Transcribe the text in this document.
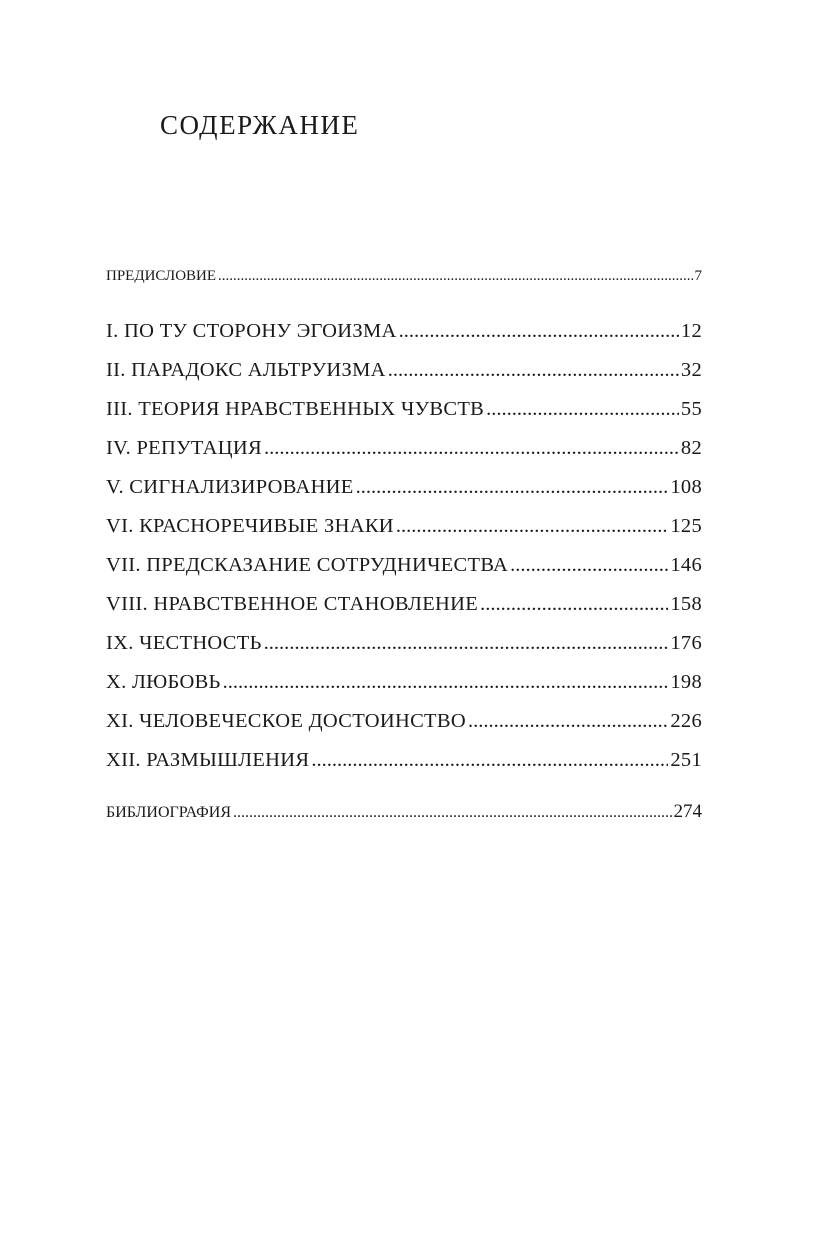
СОДЕРЖАНИЕ
ПРЕДИСЛОВИЕ .....	7
I. ПО ТУ СТОРОНУ ЭГОИЗМА .....	12
II. ПАРАДОКС АЛЬТРУИЗМА .....	32
III. ТЕОРИЯ НРАВСТВЕННЫХ ЧУВСТВ .....	55
IV. РЕПУТАЦИЯ .....	82
V. СИГНАЛИЗИРОВАНИЕ .....	108
VI. КРАСНОРЕЧИВЫЕ ЗНАКИ .....	125
VII. ПРЕДСКАЗАНИЕ СОТРУДНИЧЕСТВА .....	146
VIII. НРАВСТВЕННОЕ СТАНОВЛЕНИЕ .....	158
IX. ЧЕСТНОСТЬ .....	176
X. ЛЮБОВЬ .....	198
XI. ЧЕЛОВЕЧЕСКОЕ ДОСТОИНСТВО .....	226
XII. РАЗМЫШЛЕНИЯ .....	251
БИБЛИОГРАФИЯ .....	274
